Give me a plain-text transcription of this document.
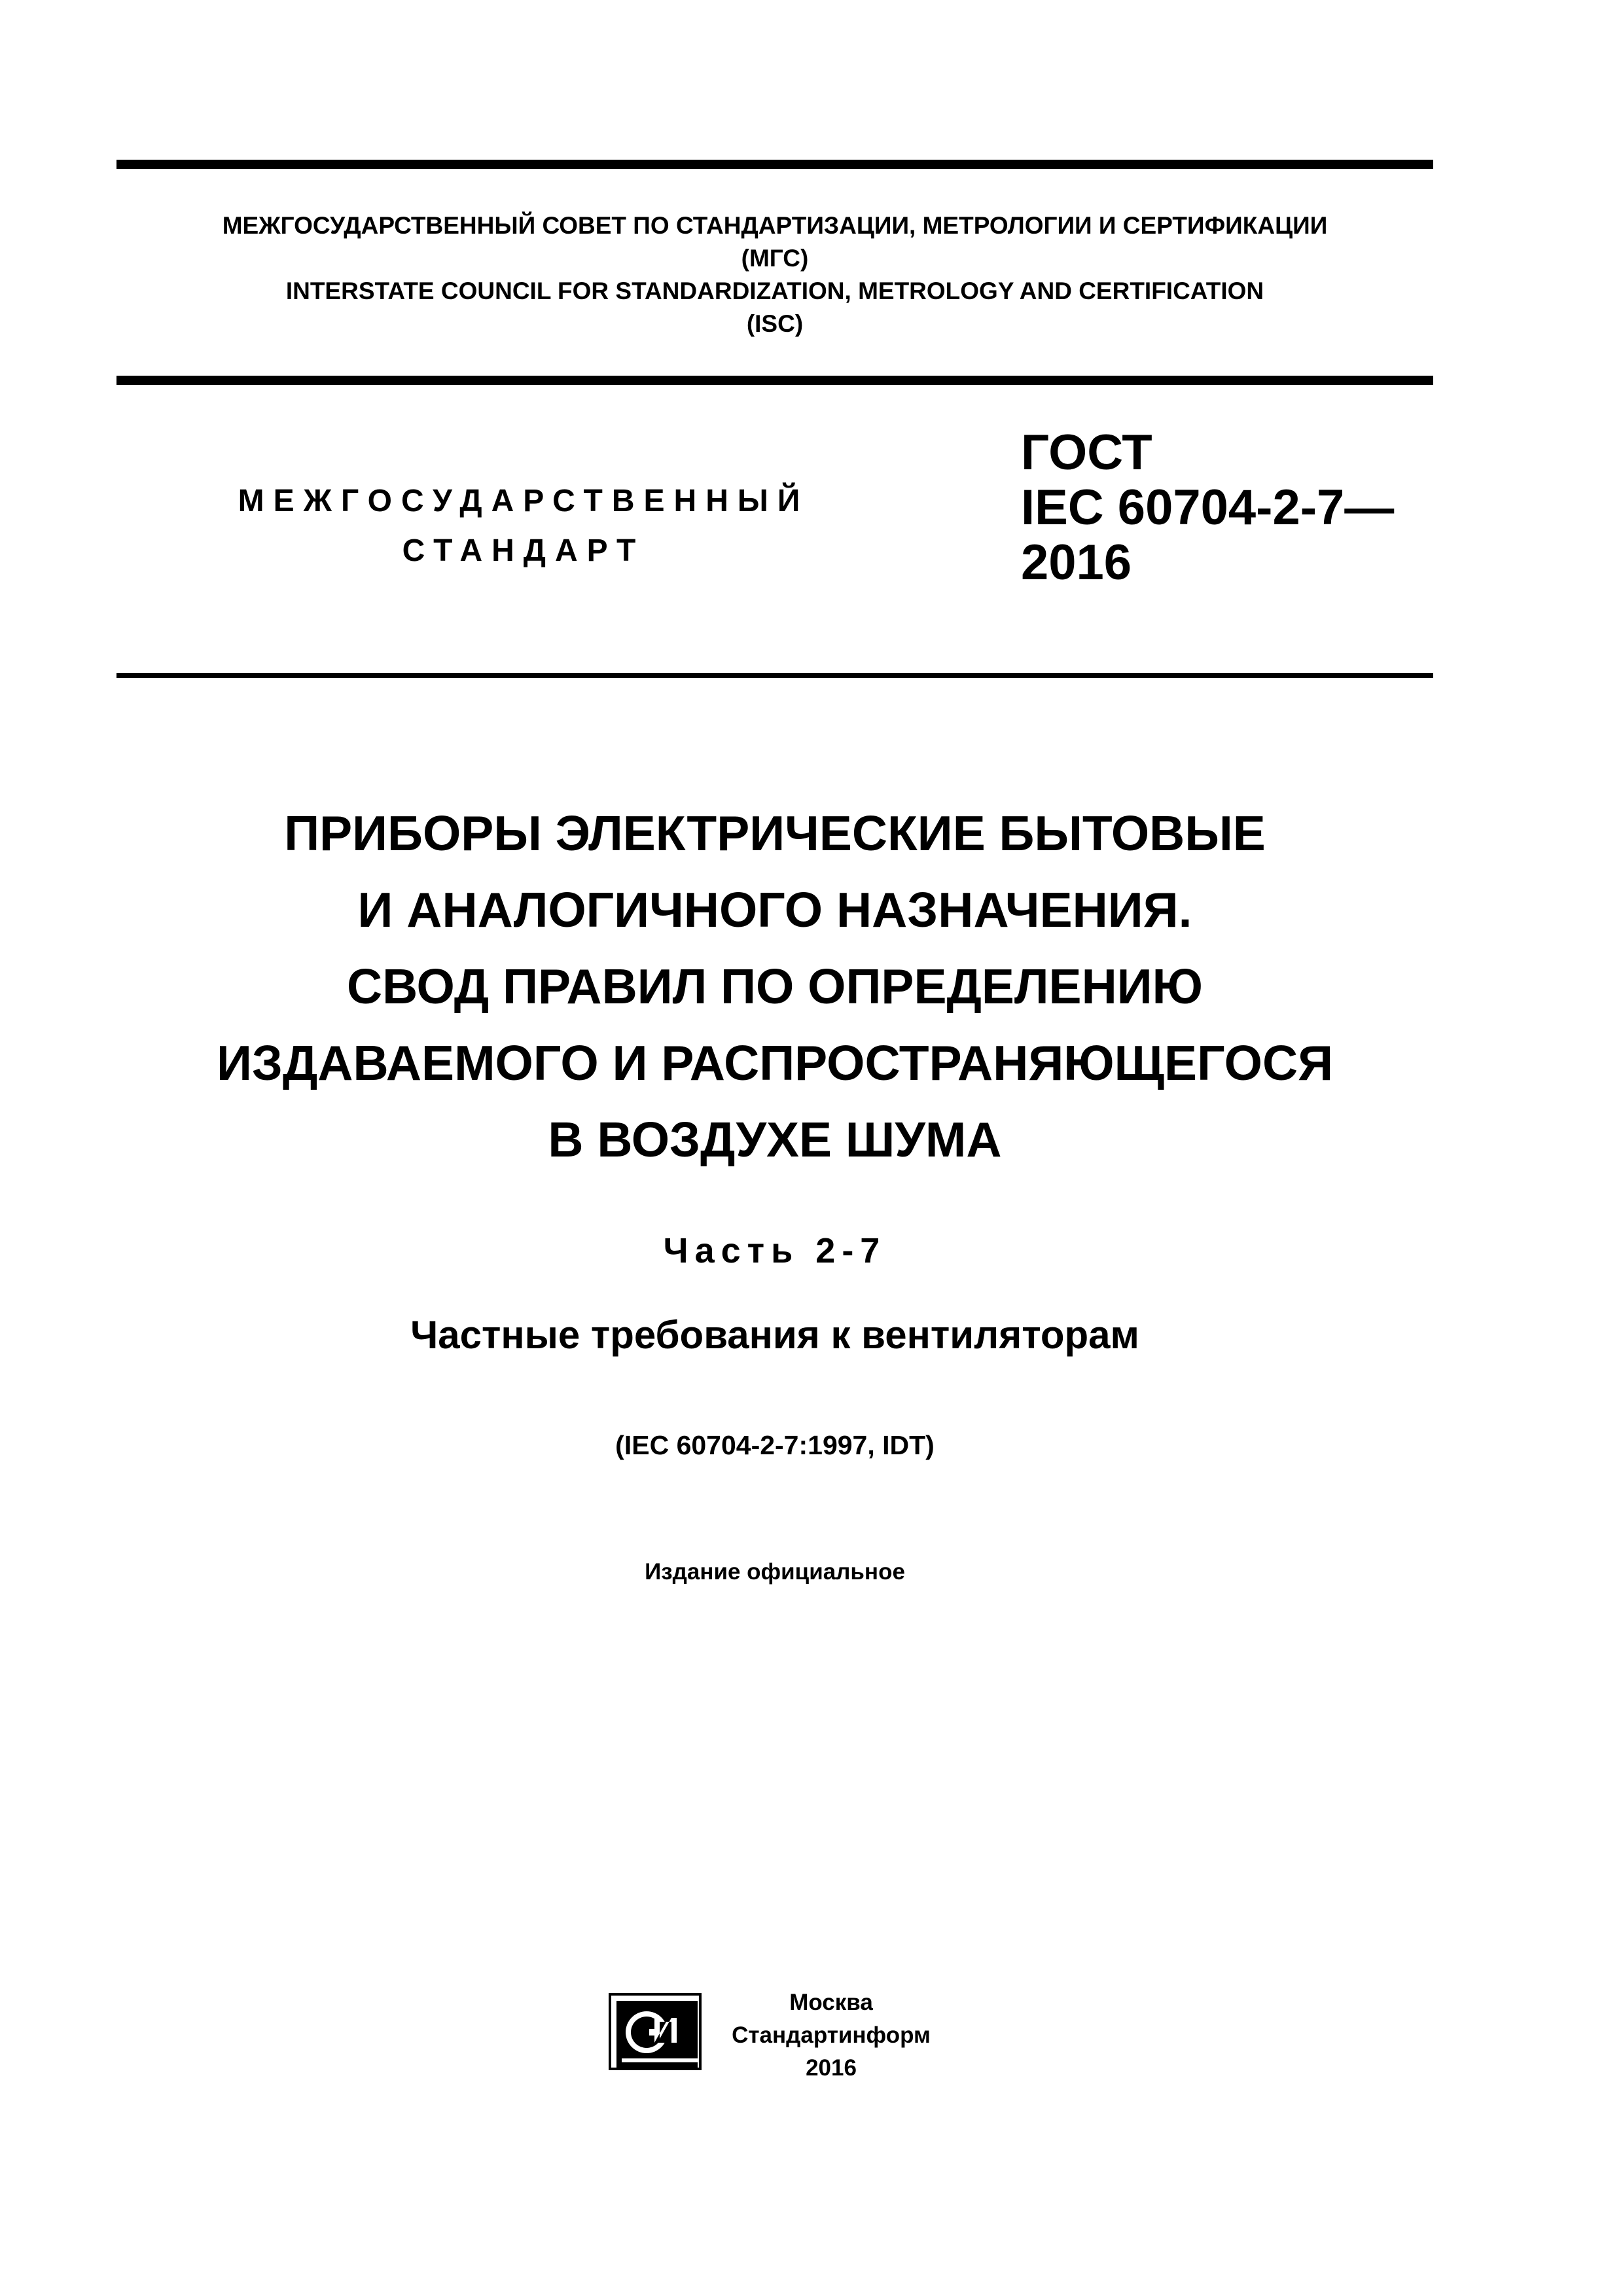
МЕЖГОСУДАРСТВЕННЫЙ СОВЕТ ПО СТАНДАРТИЗАЦИИ, МЕТРОЛОГИИ И СЕРТИФИКАЦИИ
(МГС)
INTERSTATE COUNCIL FOR STANDARDIZATION, METROLOGY AND CERTIFICATION
(ISC)
МЕЖГОСУДАРСТВЕННЫЙ
СТАНДАРТ
ГОСТ
IEC 60704-2-7—
2016
ПРИБОРЫ ЭЛЕКТРИЧЕСКИЕ БЫТОВЫЕ
И АНАЛОГИЧНОГО НАЗНАЧЕНИЯ.
СВОД ПРАВИЛ ПО ОПРЕДЕЛЕНИЮ
ИЗДАВАЕМОГО И РАСПРОСТРАНЯЮЩЕГОСЯ
В ВОЗДУХЕ ШУМА
Часть 2-7
Частные требования к вентиляторам
(IEC 60704-2-7:1997, IDT)
Издание официальное
Москва
Стандартинформ
2016
